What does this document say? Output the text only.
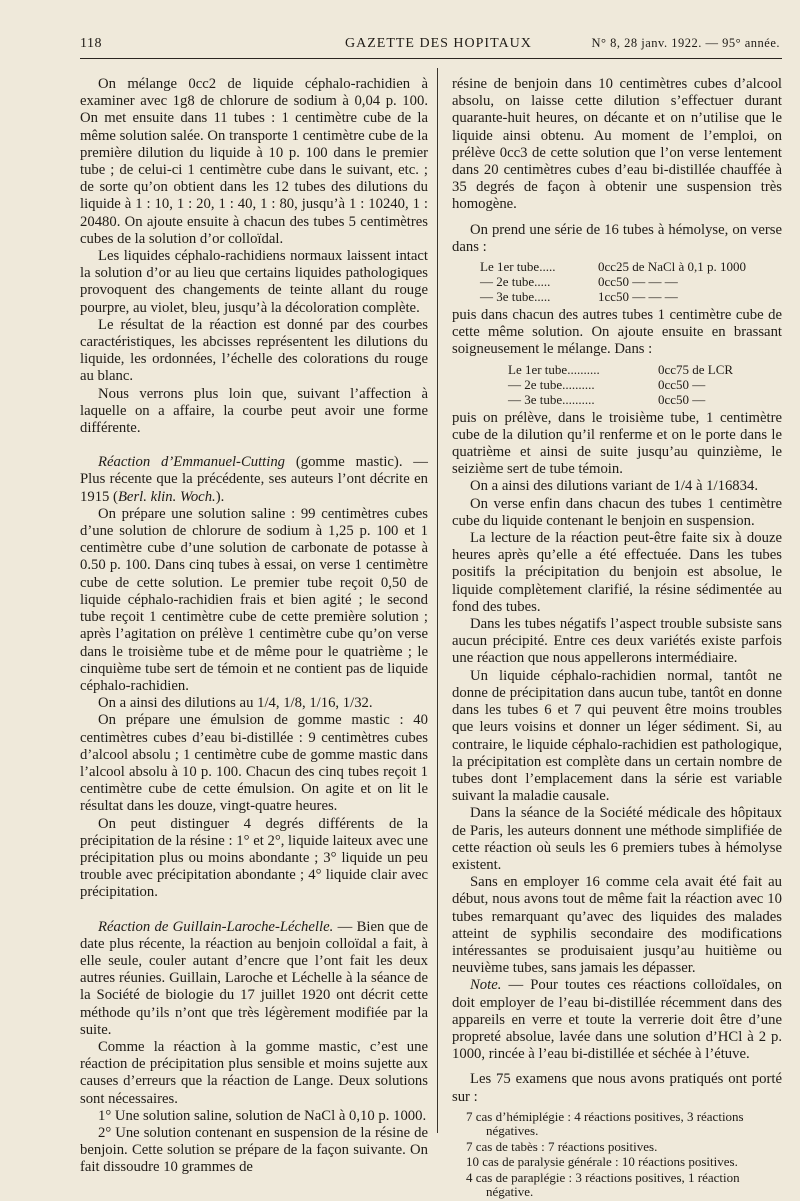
118	GAZETTE DES HOPITAUX	N° 8, 28 janv. 1922. — 95° année.

On mélange 0cc2 de liquide céphalo-rachidien à examiner avec 1g8 de chlorure de sodium à 0,04 p. 100. On met ensuite dans 11 tubes : 1 centimètre cube de la même solution salée. On transporte 1 centimètre cube de la première dilution du liquide à 10 p. 100 dans le premier tube ; de celui-ci 1 centimètre cube dans le suivant, etc. ; de sorte qu’on obtient dans les 12 tubes des dilutions du liquide à 1 : 10, 1 : 20, 1 : 40, 1 : 80, jusqu’à 1 : 10240, 1 : 20480. On ajoute ensuite à chacun des tubes 5 centimètres cubes de la solution d’or colloïdal.

Les liquides céphalo-rachidiens normaux laissent intact la solution d’or au lieu que certains liquides pathologiques provoquent des changements de teinte allant du rouge pourpre, au violet, bleu, jusqu’à la décoloration complète.

Le résultat de la réaction est donné par des courbes caractéristiques, les abcisses représentent les dilutions du liquide, les ordonnées, l’échelle des colorations du rouge au blanc.

Nous verrons plus loin que, suivant l’affection à laquelle on a affaire, la courbe peut avoir une forme différente.

Réaction d’Emmanuel-Cutting (gomme mastic). — Plus récente que la précédente, ses auteurs l’ont décrite en 1915 (Berl. klin. Woch.).

On prépare une solution saline : 99 centimètres cubes d’une solution de chlorure de sodium à 1,25 p. 100 et 1 centimètre cube d’une solution de carbonate de potasse à 0.50 p. 100. Dans cinq tubes à essai, on verse 1 centimètre cube de cette solution. Le premier tube reçoit 0,50 de liquide céphalo-rachidien frais et bien agité ; le second tube reçoit 1 centimètre cube de cette première solution ; après l’agitation on prélève 1 centimètre cube qu’on verse dans le troisième tube et de même pour le quatrième ; le cinquième tube sert de témoin et ne contient pas de liquide céphalo-rachidien.

On a ainsi des dilutions au 1/4, 1/8, 1/16, 1/32.

On prépare une émulsion de gomme mastic : 40 centimètres cubes d’eau bi-distillée : 9 centimètres cubes d’alcool absolu ; 1 centimètre cube de gomme mastic dans l’alcool absolu à 10 p. 100. Chacun des cinq tubes reçoit 1 centimètre cube de cette émulsion. On agite et on lit le résultat dans les douze, vingt-quatre heures.

On peut distinguer 4 degrés différents de la précipitation de la résine : 1° et 2°, liquide laiteux avec une précipitation plus ou moins abondante ; 3° liquide un peu trouble avec précipitation abondante ; 4° liquide clair avec précipitation.

Réaction de Guillain-Laroche-Léchelle. — Bien que de date plus récente, la réaction au benjoin colloïdal a fait, à elle seule, couler autant d’encre que l’ont fait les deux autres réunies. Guillain, Laroche et Léchelle à la séance de la Société de biologie du 17 juillet 1920 ont décrit cette méthode qu’ils n’ont que très légèrement modifiée par la suite.

Comme la réaction à la gomme mastic, c’est une réaction de précipitation plus sensible et moins sujette aux causes d’erreurs que la réaction de Lange. Deux solutions sont nécessaires.

1° Une solution saline, solution de NaCl à 0,10 p. 1000.

2° Une solution contenant en suspension de la résine de benjoin. Cette solution se prépare de la façon suivante. On fait dissoudre 10 grammes de

résine de benjoin dans 10 centimètres cubes d’alcool absolu, on laisse cette dilution s’effectuer durant quarante-huit heures, on décante et on n’utilise que le liquide ainsi obtenu. Au moment de l’emploi, on prélève 0cc3 de cette solution que l’on verse lentement dans 20 centimètres cubes d’eau bi-distillée chauffée à 35 degrés de façon à obtenir une suspension très homogène.

On prend une série de 16 tubes à hémolyse, on verse dans :

Le 1er tube.....	0cc25 de NaCl à 0,1 p. 1000
— 2e tube.....	0cc50 — — —
— 3e tube.....	1cc50 — — —

puis dans chacun des autres tubes 1 centimètre cube de cette même solution. On ajoute ensuite en brassant soigneusement le mélange. Dans :

Le 1er tube..........	0cc75 de LCR
— 2e tube..........	0cc50 —
— 3e tube..........	0cc50 —

puis on prélève, dans le troisième tube, 1 centimètre cube de la dilution qu’il renferme et on le porte dans le quatrième et ainsi de suite jusqu’au quinzième, le seizième sert de tube témoin.

On a ainsi des dilutions variant de 1/4 à 1/16834.

On verse enfin dans chacun des tubes 1 centimètre cube du liquide contenant le benjoin en suspension.

La lecture de la réaction peut-être faite six à douze heures après qu’elle a été effectuée. Dans les tubes positifs la précipitation du benjoin est absolue, le liquide complètement clarifié, la résine sédimentée au fond des tubes.

Dans les tubes négatifs l’aspect trouble subsiste sans aucun précipité. Entre ces deux variétés existe parfois une réaction que nous appellerons intermédiaire.

Un liquide céphalo-rachidien normal, tantôt ne donne de précipitation dans aucun tube, tantôt en donne dans les tubes 6 et 7 qui peuvent être moins troubles que leurs voisins et donner un léger sédiment. Si, au contraire, le liquide céphalo-rachidien est pathologique, la précipitation est complète dans un certain nombre de tubes dont l’emplacement dans la série est variable suivant la maladie causale.

Dans la séance de la Société médicale des hôpitaux de Paris, les auteurs donnent une méthode simplifiée de cette réaction où seuls les 6 premiers tubes à hémolyse existent.

Sans en employer 16 comme cela avait été fait au début, nous avons tout de même fait la réaction avec 10 tubes remarquant qu’avec des liquides des malades atteint de syphilis secondaire des modifications intéressantes se produisaient jusqu’au huitième ou neuvième tubes, sans jamais les dépasser.

Note. — Pour toutes ces réactions colloïdales, on doit employer de l’eau bi-distillée récemment dans des appareils en verre et toute la verrerie doit être d’une propreté absolue, lavée dans une solution d’HCl à 2 p. 1000, rincée à l’eau bi-distillée et séchée à l’étuve.

Les 75 examens que nous avons pratiqués ont porté sur :

7 cas d’hémiplégie : 4 réactions positives, 3 réactions négatives.

7 cas de tabès : 7 réactions positives.

10 cas de paralysie générale : 10 réactions positives.

4 cas de paraplégie : 3 réactions positives, 1 réaction négative.
